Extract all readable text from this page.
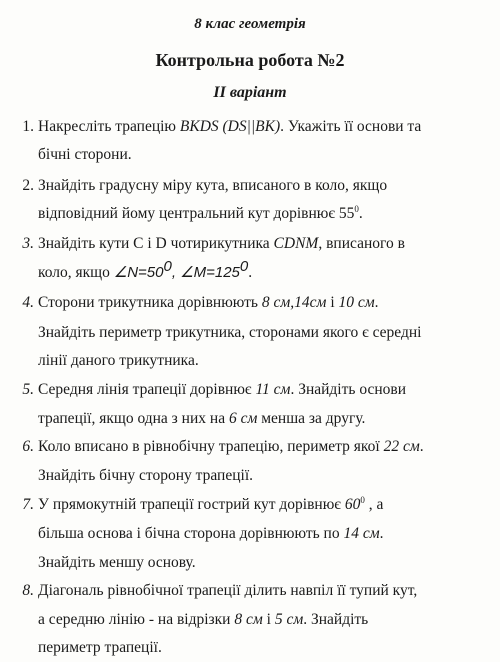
8 клас геометрія
Контрольна робота №2
II варіант
1. Накресліть трапецію BKDS (DS||BK). Укажіть її основи та
бічні сторони.
2. Знайдіть градусну міру кута, вписаного в коло, якщо
відповідний йому центральний кут дорівнює $55^0$.
3. Знайдіть кути С і D чотирикутника CDNM, вписаного в
коло, якщо $\angle N=50^0$, $\angle M=125^0$.
4. Сторони трикутника дорівнюють 8 см,14см і 10 см.
Знайдіть периметр трикутника, сторонами якого є середні
лінії даного трикутника.
5. Середня лінія трапеції дорівнює 11 см. Знайдіть основи
трапеції, якщо одна з них на 6 см менша за другу.
6. Коло вписано в рівнобічну трапецію, периметр якої 22 см.
Знайдіть бічну сторону трапеції.
7. У прямокутній трапеції гострий кут дорівнює $60^0$ , а
більша основа і бічна сторона дорівнюють по 14 см.
Знайдіть меншу основу.
8. Діагональ рівнобічної трапеції ділить навпіл її тупий кут,
а середню лінію - на відрізки 8 см і 5 см. Знайдіть
периметр трапеції.
